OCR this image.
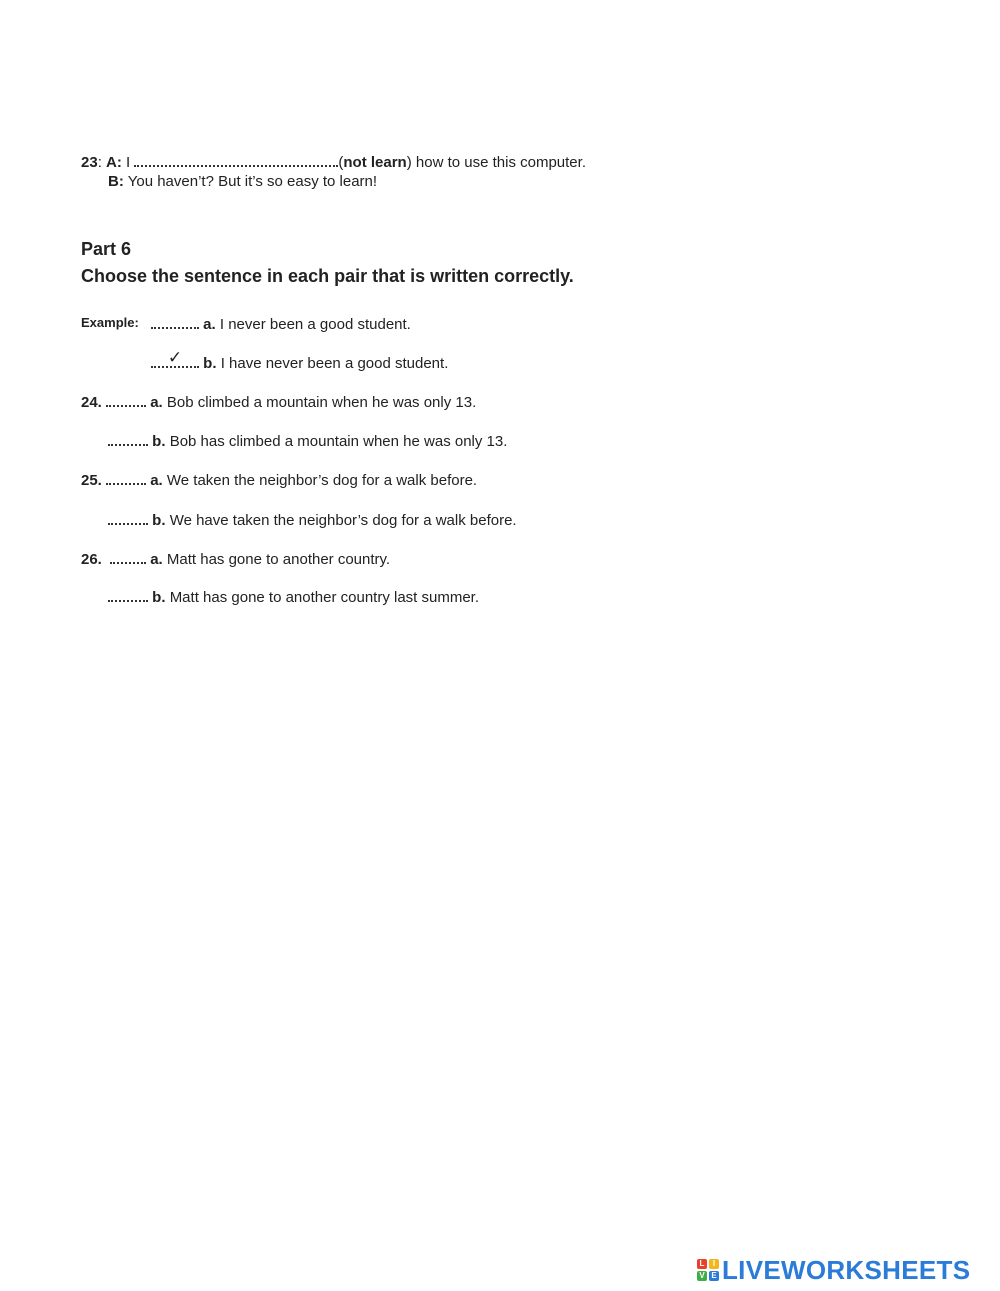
23: A: I	(not learn) how to use this computer.
B: You haven’t? But it’s so easy to learn!
Part 6
Choose the sentence in each pair that is written correctly.
Example:	a. I never been a good student.
✓ b. I have never been a good student.
24.	a. Bob climbed a mountain when he was only 13.
b. Bob has climbed a mountain when he was only 13.
25.	a. We taken the neighbor’s dog for a walk before.
b. We have taken the neighbor’s dog for a walk before.
26.	a. Matt has gone to another country.
b. Matt has gone to another country last summer.
L	I
V E LIVEWORKSHEETS
